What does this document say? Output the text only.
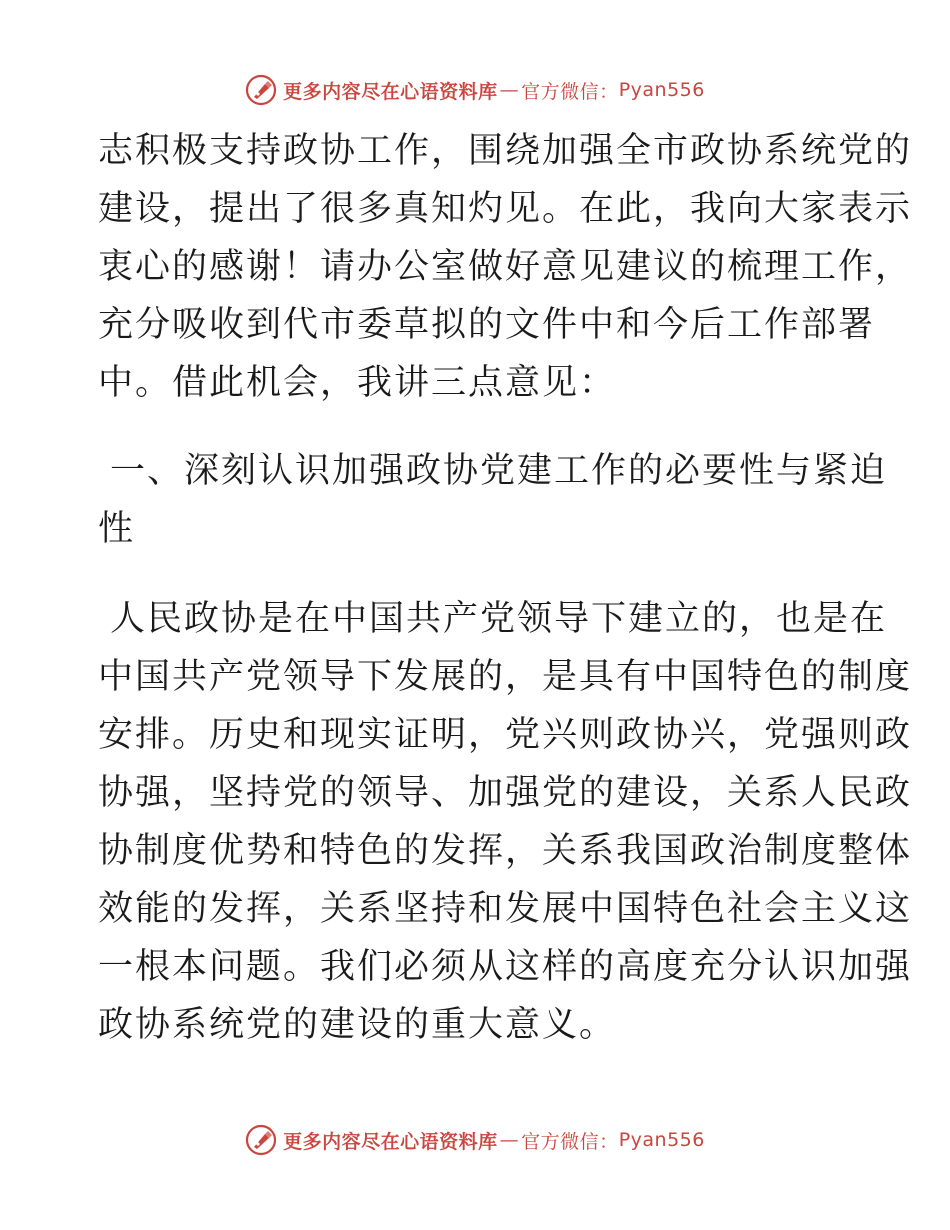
更多内容尽在心语资料库 — 官方微信： Pyan556
志积极支持政协工作，围绕加强全市政协系统党的
建设，提出了很多真知灼见。在此，我向大家表示
衷心的感谢！请办公室做好意见建议的梳理工作，
充分吸收到代市委草拟的文件中和今后工作部署
中。借此机会，我讲三点意见：
一、深刻认识加强政协党建工作的必要性与紧迫
性
人民政协是在中国共产党领导下建立的，也是在
中国共产党领导下发展的，是具有中国特色的制度
安排。历史和现实证明，党兴则政协兴，党强则政
协强，坚持党的领导、加强党的建设，关系人民政
协制度优势和特色的发挥，关系我国政治制度整体
效能的发挥，关系坚持和发展中国特色社会主义这
一根本问题。我们必须从这样的高度充分认识加强
政协系统党的建设的重大意义。
更多内容尽在心语资料库 — 官方微信： Pyan556
